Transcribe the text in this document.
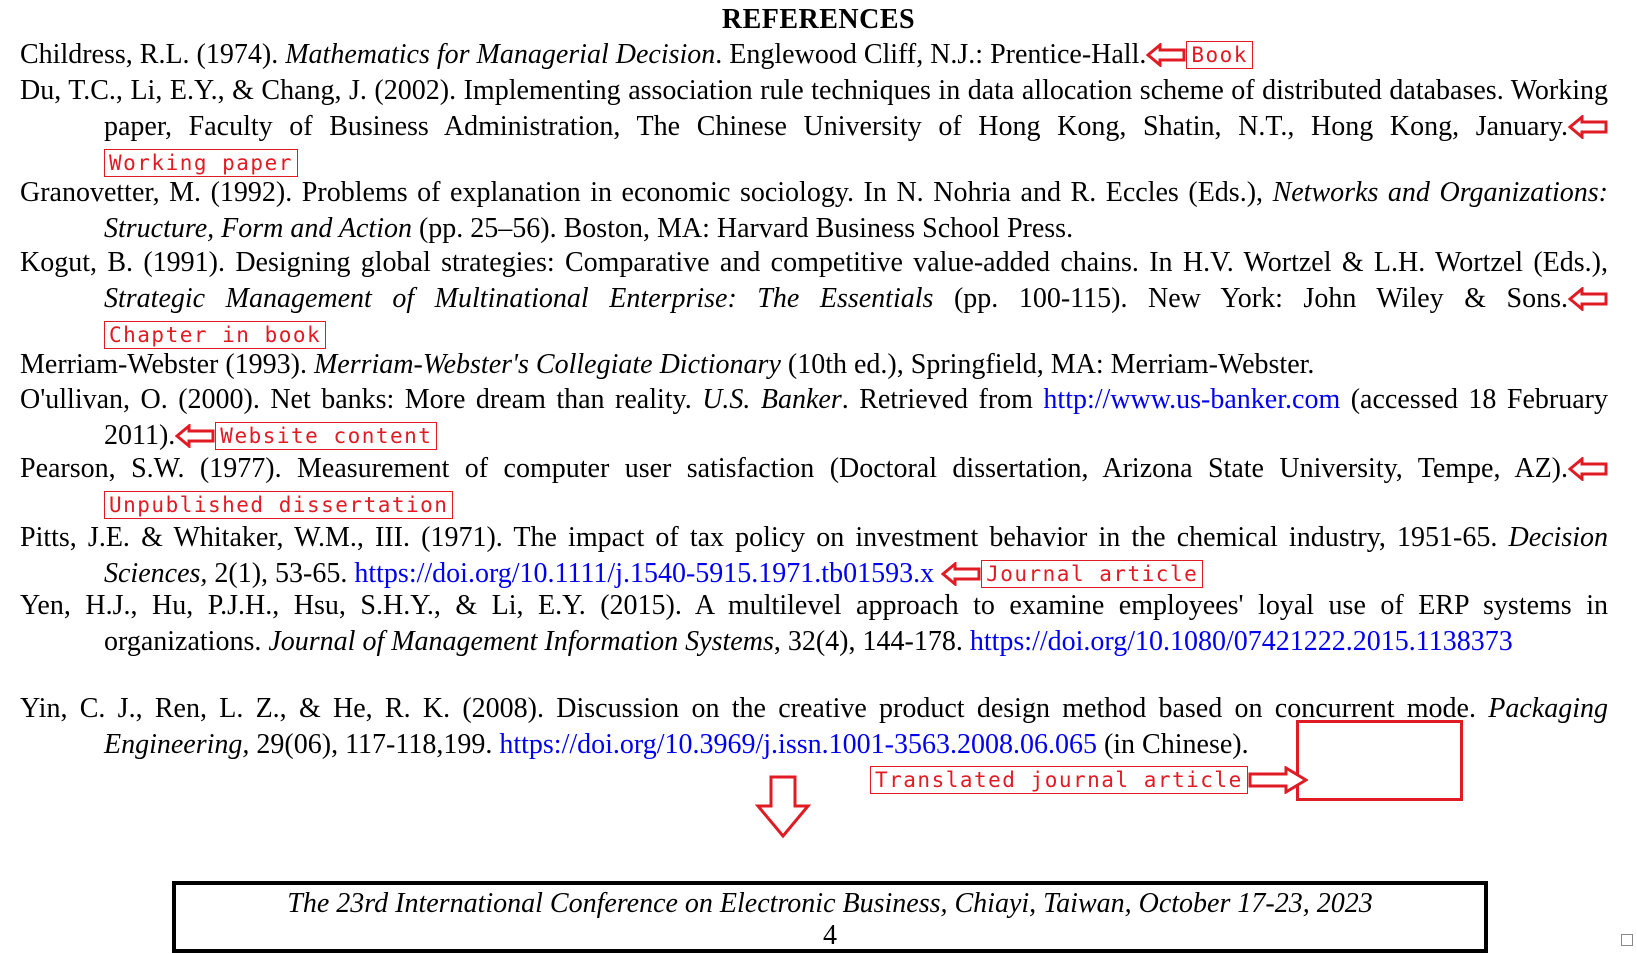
REFERENCES

Childress, R.L. (1974). Mathematics for Managerial Decision. Englewood Cliff, N.J.: Prentice-Hall. Book

Du, T.C., Li, E.Y., & Chang, J. (2002). Implementing association rule techniques in data allocation scheme of distributed databases. Working paper, Faculty of Business Administration, The Chinese University of Hong Kong, Shatin, N.T., Hong Kong, January.Working paper

Granovetter, M. (1992). Problems of explanation in economic sociology. In N. Nohria and R. Eccles (Eds.), Networks and Organizations: Structure, Form and Action (pp. 25–56). Boston, MA: Harvard Business School Press.

Kogut, B. (1991). Designing global strategies: Comparative and competitive value-added chains. In H.V. Wortzel & L.H. Wortzel (Eds.), Strategic Management of Multinational Enterprise: The Essentials (pp. 100-115). New York: John Wiley & Sons.Chapter in book

Merriam-Webster (1993). Merriam-Webster's Collegiate Dictionary (10th ed.), Springfield, MA: Merriam-Webster.

O'ullivan, O. (2000). Net banks: More dream than reality. U.S. Banker. Retrieved from http://www.us-banker.com (accessed 18 February 2011). Website content

Pearson, S.W. (1977). Measurement of computer user satisfaction (Doctoral dissertation, Arizona State University, Tempe, AZ).Unpublished dissertation

Pitts, J.E. & Whitaker, W.M., III. (1971). The impact of tax policy on investment behavior in the chemical industry, 1951-65. Decision Sciences, 2(1), 53-65. https://doi.org/10.1111/j.1540-5915.1971.tb01593.x Journal article

Yen, H.J., Hu, P.J.H., Hsu, S.H.Y., & Li, E.Y. (2015). A multilevel approach to examine employees' loyal use of ERP systems in organizations. Journal of Management Information Systems, 32(4), 144-178. https://doi.org/10.1080/07421222.2015.1138373

Yin, C. J., Ren, L. Z., & He, R. K. (2008). Discussion on the creative product design method based on concurrent mode. Packaging Engineering, 29(06), 117-118,199. https://doi.org/10.3969/j.issn.1001-3563.2008.06.065 (in Chinese).

Translated journal article
The 23rd International Conference on Electronic Business, Chiayi, Taiwan, October 17-23, 2023
4
